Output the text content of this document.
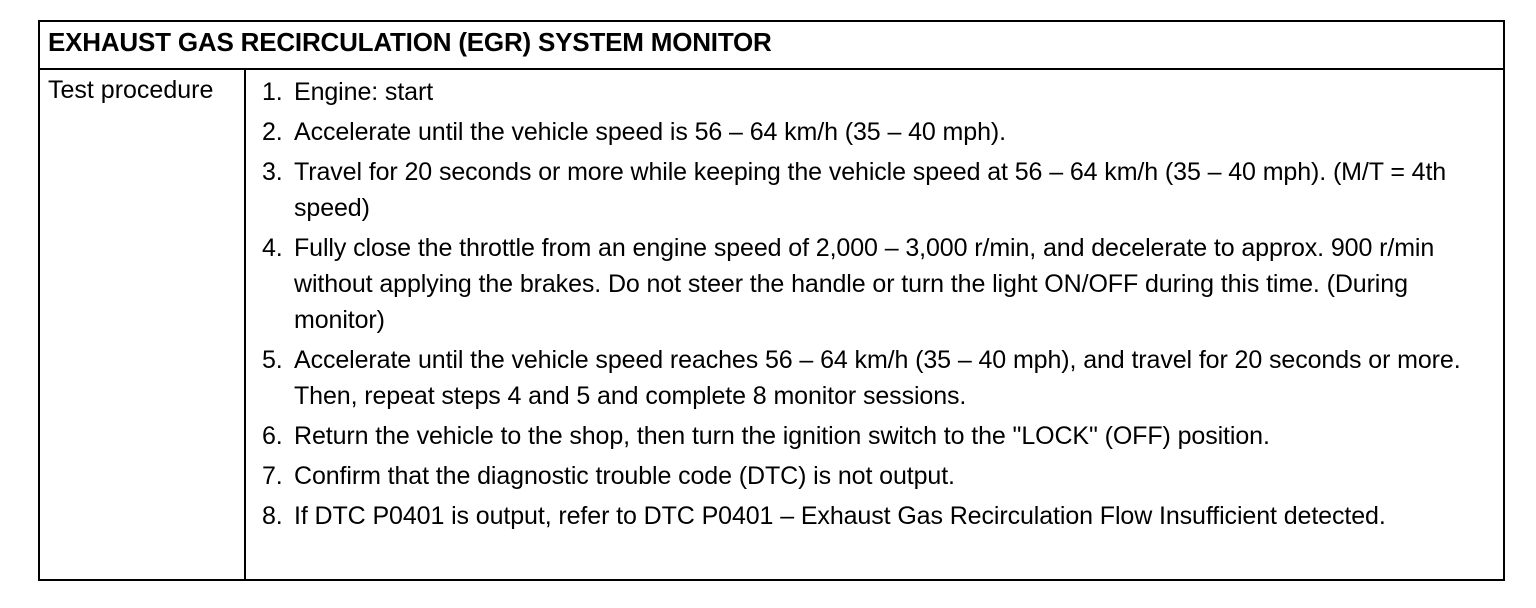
EXHAUST GAS RECIRCULATION (EGR) SYSTEM MONITOR
Test procedure	1. Engine: start
2. Accelerate until the vehicle speed is 56 – 64 km/h (35 – 40 mph).
3. Travel for 20 seconds or more while keeping the vehicle speed at 56 – 64 km/h (35 – 40 mph). (M/T = 4th speed)
4. Fully close the throttle from an engine speed of 2,000 – 3,000 r/min, and decelerate to approx. 900 r/min without applying the brakes. Do not steer the handle or turn the light ON/OFF during this time. (During monitor)
5. Accelerate until the vehicle speed reaches 56 – 64 km/h (35 – 40 mph), and travel for 20 seconds or more. Then, repeat steps 4 and 5 and complete 8 monitor sessions.
6. Return the vehicle to the shop, then turn the ignition switch to the "LOCK" (OFF) position.
7. Confirm that the diagnostic trouble code (DTC) is not output.
8. If DTC P0401 is output, refer to DTC P0401 – Exhaust Gas Recirculation Flow Insufficient detected.
